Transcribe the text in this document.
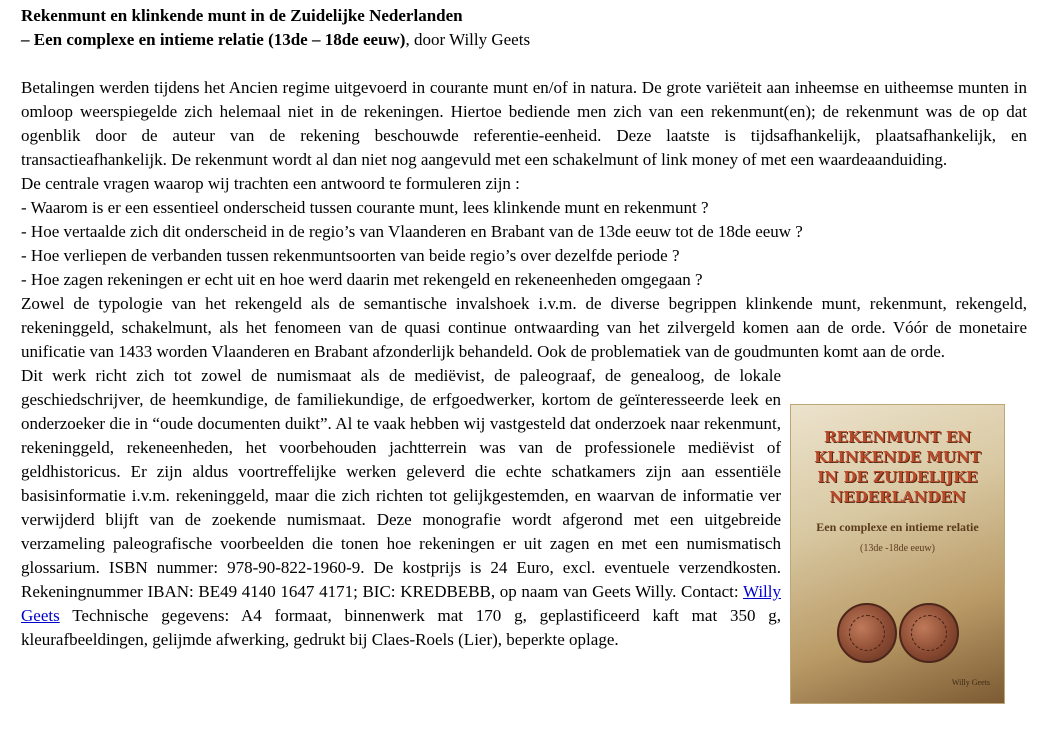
Rekenmunt en klinkende munt in de Zuidelijke Nederlanden
– Een complexe en intieme relatie (13de – 18de eeuw), door Willy Geets

Betalingen werden tijdens het Ancien regime uitgevoerd in courante munt en/of in natura. De grote variëteit aan inheemse en uitheemse munten in omloop weerspiegelde zich helemaal niet in de rekeningen. Hiertoe bediende men zich van een rekenmunt(en); de rekenmunt was de op dat ogenblik door de auteur van de rekening beschouwde referentie-eenheid. Deze laatste is tijdsafhankelijk, plaatsafhankelijk, en transactieafhankelijk. De rekenmunt wordt al dan niet nog aangevuld met een schakelmunt of link money of met een waardeaanduiding.

De centrale vragen waarop wij trachten een antwoord te formuleren zijn :
- Waarom is er een essentieel onderscheid tussen courante munt, lees klinkende munt en rekenmunt ?
- Hoe vertaalde zich dit onderscheid in de regio’s van Vlaanderen en Brabant van de 13de eeuw tot de 18de eeuw ?
- Hoe verliepen de verbanden tussen rekenmuntsoorten van beide regio’s over dezelfde periode ?
- Hoe zagen rekeningen er echt uit en hoe werd daarin met rekengeld en rekeneenheden omgegaan ?

Zowel de typologie van het rekengeld als de semantische invalshoek i.v.m. de diverse begrippen klinkende munt, rekenmunt, rekengeld, rekeninggeld, schakelmunt, als het fenomeen van de quasi continue ontwaarding van het zilvergeld komen aan de orde. Vóór de monetaire unificatie van 1433 worden Vlaanderen en Brabant afzonderlijk behandeld. Ook de problematiek van de goudmunten komt aan de orde.

Dit werk richt zich tot zowel de numismaat als de mediëvist, de paleograaf, de genealoog, de lokale geschiedschrijver, de heemkundige, de familiekundige, de erfgoedwerker, kortom de geïnteresseerde leek en onderzoeker die in “oude documenten duikt”. Al te vaak hebben wij vastgesteld dat onderzoek naar rekenmunt, rekeninggeld, rekeneenheden, het voorbehouden jachtterrein was van de professionele mediëvist of geldhistoricus. Er zijn aldus voortreffelijke werken geleverd die echte schatkamers zijn aan essentiële basisinformatie i.v.m. rekeninggeld, maar die zich richten tot gelijkgestemden, en waarvan de informatie ver verwijderd blijft van de zoekende numismaat. Deze monografie wordt afgerond met een uitgebreide verzameling paleografische voorbeelden die tonen hoe rekeningen er uit zagen en met een numismatisch glossarium. ISBN nummer: 978-90-822-1960-9. De kostprijs is 24 Euro, excl. eventuele verzendkosten. Rekeningnummer IBAN: BE49 4140 1647 4171; BIC: KREDBEBB, op naam van Geets Willy. Contact: Willy Geets Technische gegevens: A4 formaat, binnenwerk mat 170 g, geplastificeerd kaft mat 350 g, kleurafbeeldingen, gelijmde afwerking, gedrukt bij Claes-Roels (Lier), beperkte oplage.

REKENMUNT EN
KLINKENDE MUNT
IN DE ZUIDELIJKE
NEDERLANDEN
Een complexe en intieme relatie
(13de -18de eeuw)
Willy Geets
